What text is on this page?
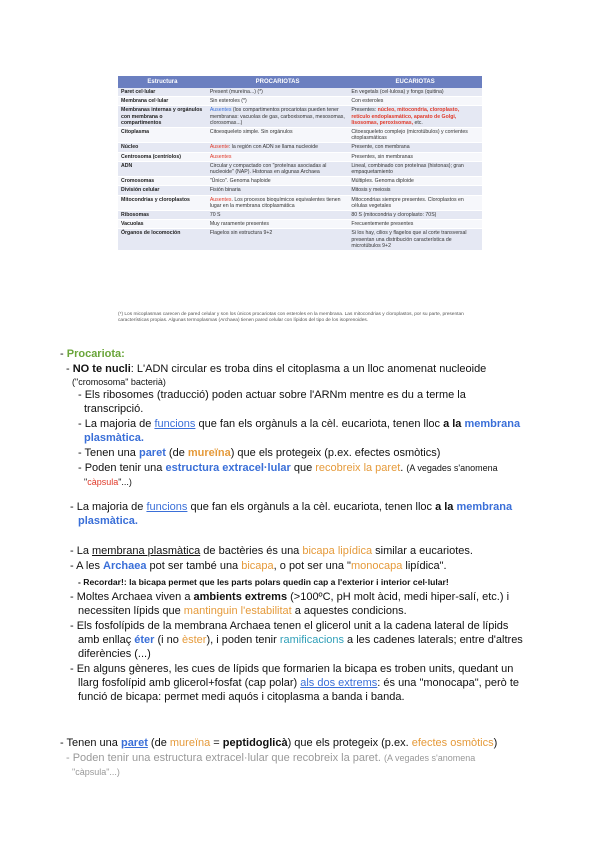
Estructura	PROCARIOTAS	EUCARIOTAS
Paret cel·lular	Present (mureïna...) (*)	En vegetals (cel·lulosa) y fongs (quitina)
Membrana cel·lular	Sin esteroles (*)	Con esteroles
Membranas internas y orgánulos con membrana o compartimentos	Ausentes (los compartimentos procariotas pueden tener membranas: vacuolas de gas, carboxisomas, mesosomas, clorosomas...)	Presentes: núcleo, mitocondria, cloroplasto, retículo endoplasmático, aparato de Golgi, lisosomas, peroxisomas, etc.
Citoplasma	Citoesqueleto simple. Sin orgánulos	Citoesqueleto complejo (microtúbulos) y corrientes citoplasmáticas
Núcleo	Ausente: la región con ADN se llama nucleoide	Presente, con membrana
Centrosoma (centríolos)	Ausentes	Presentes, sin membranas
ADN	Circular y compactado con "proteínas asociadas al nucleoide" (NAP). Histonas en algunas Archaea	Lineal, combinado con proteínas (histonas); gran empaquetamiento
Cromosomas	"Único". Genoma haploide	Múltiples. Genoma diploide
División celular	Fisión binaria	Mitosis y meiosis
Mitocondrias y cloroplastos	Ausentes. Los procesos bioquímicos equivalentes tienen lugar en la membrana citoplasmática	Mitocondrias siempre presentes. Cloroplastos en células vegetales
Ribosomas	70 S	80 S (mitocondria y cloroplasto: 70S)
Vacuolas	Muy raramente presentes	Frecuentemente presentes
Órganos de locomoción	Flagelos sin estructura 9+2	Si los hay, cilios y flagelos que al corte transversal presentan una distribución característica de microtúbulos 9+2
(*) Los micoplasmas carecen de pared celular y son los únicos procariotas con esteroles en la membrana. Las mitocondrias y cloroplastos, por su parte, presentan características propias. Algunas termoplasmas (Archaea) tienen pared celular con lípidos del tipo de los isoprenoides.
- Procariota:
- NO te nucli: L'ADN circular es troba dins el citoplasma a un lloc anomenat nucleoide
("cromosoma" bacterià)
- Els ribosomes (traducció) poden actuar sobre l'ARNm mentre es du a terme la
transcripció.
- La majoria de funcions que fan els orgànuls a la cèl. eucariota, tenen lloc a la membrana
plasmàtica.
- Tenen una paret (de mureïna) que els protegeix (p.ex. efectes osmòtics)
- Poden tenir una estructura extracel·lular que recobreix la paret. (A vegades s'anomena
"càpsula"...)
- La majoria de funcions que fan els orgànuls a la cèl. eucariota, tenen lloc a la membrana
plasmàtica.
- La membrana plasmàtica de bactèries és una bicapa lipídica similar a eucariotes.
- A les Archaea pot ser també una bicapa, o pot ser una "monocapa lipídica".
- Recordar!: la bicapa permet que les parts polars quedin cap a l'exterior i interior cel·lular!
- Moltes Archaea viven a ambients extrems (>100ºC, pH molt àcid, medi hiper-salí, etc.) i
necessiten lípids que mantinguin l'estabilitat a aquestes condicions.
- Els fosfolípids de la membrana Archaea tenen el glicerol unit a la cadena lateral de lípids
amb enllaç éter (i no èster), i poden tenir ramificacions a les cadenes laterals; entre d'altres
diferències (...)
- En alguns gèneres, les cues de lípids que formarien la bicapa es troben units, quedant un
llarg fosfolípid amb glicerol+fosfat (cap polar) als dos extrems: és una "monocapa", però te
funció de bicapa: permet medi aquós i citoplasma a banda i banda.
- Tenen una paret (de mureïna = peptidoglicà) que els protegeix (p.ex. efectes osmòtics)
- Poden tenir una estructura extracel·lular que recobreix la paret. (A vegades s'anomena
"càpsula"...)
